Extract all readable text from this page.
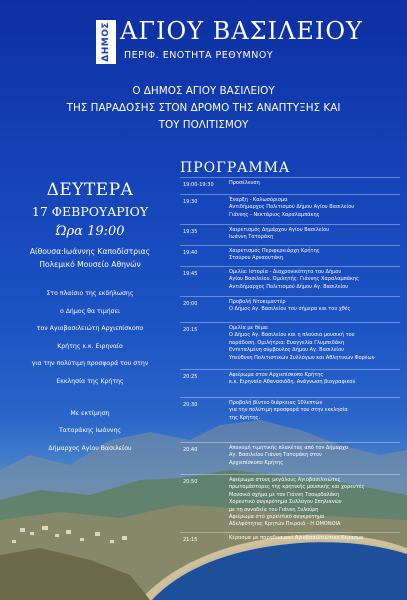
ΔΗΜΟΣ ΑΓΙΟΥ ΒΑΣΙΛΕΙΟΥ
ΠΕΡΙΦ. ΕΝΟΤΗΤΑ ΡΕΘΥΜΝΟΥ
Ο ΔΗΜΟΣ ΑΓΙΟΥ ΒΑΣΙΛΕΙΟΥ
ΤΗΣ ΠΑΡΑΔΟΣΗΣ ΣΤΟΝ ΔΡΟΜΟ ΤΗΣ ΑΝΑΠΤΥΞΗΣ ΚΑΙ
ΤΟΥ ΠΟΛΙΤΙΣΜΟΥ
ΔΕΥΤΕΡΑ
17 ΦΕΒΡΟΥΑΡΙΟΥ
Ώρα 19:00
Αίθουσα:Ιωάννης Καποδίστριας
Πολεμικό Μουσείο Αθηνών
Στο πλαίσιο της εκδήλωσης
ο Δήμος θα τιμήσει
τον Αγιοβασιλειώτη Αρχιεπίσκοπο
Κρήτης κ.κ. Ειρηναίο
για την πολύτιμη προσφορά του στην
Εκκλησία της Κρήτης
Με εκτίμηση
Τατοράκης Ιωάννης
Δήμαρχος Αγίου Βασιλείου
ΠΡΟΓΡΑΜΜΑ
19:00-19:30	Προσέλευση
19:30	Έναρξη - Καλωσόρισμα
Αντιδήμαρχος Πολιτισμού Δήμου Αγίου Βασιλείου
Γιάννης - Νεκτάριος Χαραλαμπάκης
19:35	Χαιρετισμός Δημάρχου Αγίου Βασιλείου
Ιωάννη Τατοράκη
19:40	Χαιρετισμός Περιφερειάρχη Κρήτης
Σταύρου Αρναουτάκη
19:45	Ομιλία: Ιστορία - Διαχρονικότητα του Δήμου
Αγίου Βασιλείου. Ομιλητής: Γιάννης Χαραλαμπάκης
Αντιδήμαρχος Πολιτισμού Δήμου Αγ. Βασιλείου
20:00	Προβολή Ντοκιμαντέρ
Ο Δήμος Αγ. Βασιλείου του σήμερα και του χθές
20:15	Ομιλία με θέμα:
Ο Δήμος Αγ. Βασιλείου και η πλούσια μουσική του
παράδοση. Ομιλήτρια: Ευαγγελία Γλυμπεδάκη
Εντεταλμένη σύμβουλος Δήμου Αγ. Βασιλείου
Υπεύθυνη Πολιτιστικών Συλλόγων και Αθλητικών Φορέων
20:25	Αφιέρωμα στον Αρχιεπίσκοπο Κρήτης
κ.κ. Ειρηναίο Αθανασιάδη. Ανάγνωση βιογραφικού
20:30	Προβολή βίντεο διάρκειας 10λεπτών
για την πολύτιμη προσφορά του στην εκκλησία
της Κρήτης.
20:40	Απονομή τιμητικής πλακέτας από τον Δήμαρχο
Αγ. Βασιλείου Γιάννη Τατοράκη στον
Αρχιεπίσκοπο Κρήτης
20:50	Αφιέρωμα στους μεγάλους Αγιοβασιλειώτες
πρωτομάστορες της κρητικής μουσικής και χορευτές
Μουσικό σχήμα με τον Γιάννη Τσουρδαλάκη
Χορευτικό συγκρότημα Συλλόγου Σπηλιανών
με τη συνοδεία του Γιάννη Ξυλούρη
Αφιέρωμα στο χορευτικό συγκρότημα
Αδελφότητας Κρητών Πειραιά - Η ΟΜΟΝΟΙΑ
21:15	Κέρασμα με παραδοσιακό Αγιοβασιλειώτικο Κέρασμα
